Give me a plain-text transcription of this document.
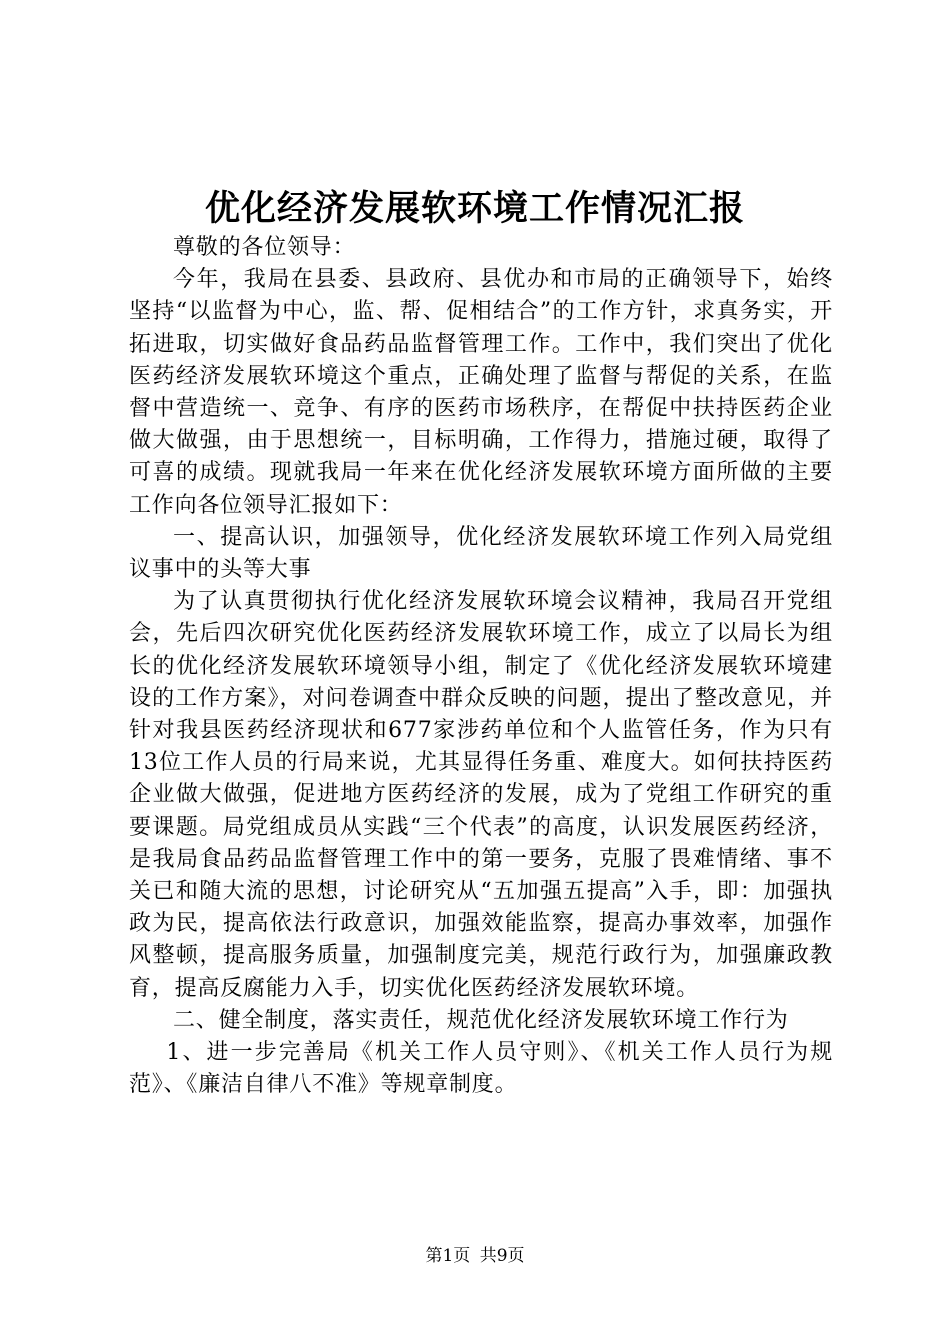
优化经济发展软环境工作情况汇报

尊敬的各位领导：

今年，我局在县委、县政府、县优办和市局的正确领导下，始终坚持“以监督为中心，监、帮、促相结合”的工作方针，求真务实，开拓进取，切实做好食品药品监督管理工作。工作中，我们突出了优化医药经济发展软环境这个重点，正确处理了监督与帮促的关系，在监督中营造统一、竞争、有序的医药市场秩序，在帮促中扶持医药企业做大做强，由于思想统一，目标明确，工作得力，措施过硬，取得了可喜的成绩。现就我局一年来在优化经济发展软环境方面所做的主要工作向各位领导汇报如下：

一、提高认识，加强领导，优化经济发展软环境工作列入局党组议事中的头等大事

为了认真贯彻执行优化经济发展软环境会议精神，我局召开党组会，先后四次研究优化医药经济发展软环境工作，成立了以局长为组长的优化经济发展软环境领导小组，制定了《优化经济发展软环境建设的工作方案》，对问卷调查中群众反映的问题，提出了整改意见，并针对我县医药经济现状和677家涉药单位和个人监管任务，作为只有13位工作人员的行局来说，尤其显得任务重、难度大。如何扶持医药企业做大做强，促进地方医药经济的发展，成为了党组工作研究的重要课题。局党组成员从实践“三个代表”的高度，认识发展医药经济，是我局食品药品监督管理工作中的第一要务，克服了畏难情绪、事不关已和随大流的思想，讨论研究从“五加强五提高”入手，即：加强执政为民，提高依法行政意识，加强效能监察，提高办事效率，加强作风整顿，提高服务质量，加强制度完美，规范行政行为，加强廉政教育，提高反腐能力入手，切实优化医药经济发展软环境。

二、健全制度，落实责任，规范优化经济发展软环境工作行为

1、进一步完善局《机关工作人员守则》、《机关工作人员行为规范》、《廉洁自律八不准》等规章制度。

第1页 共9页
